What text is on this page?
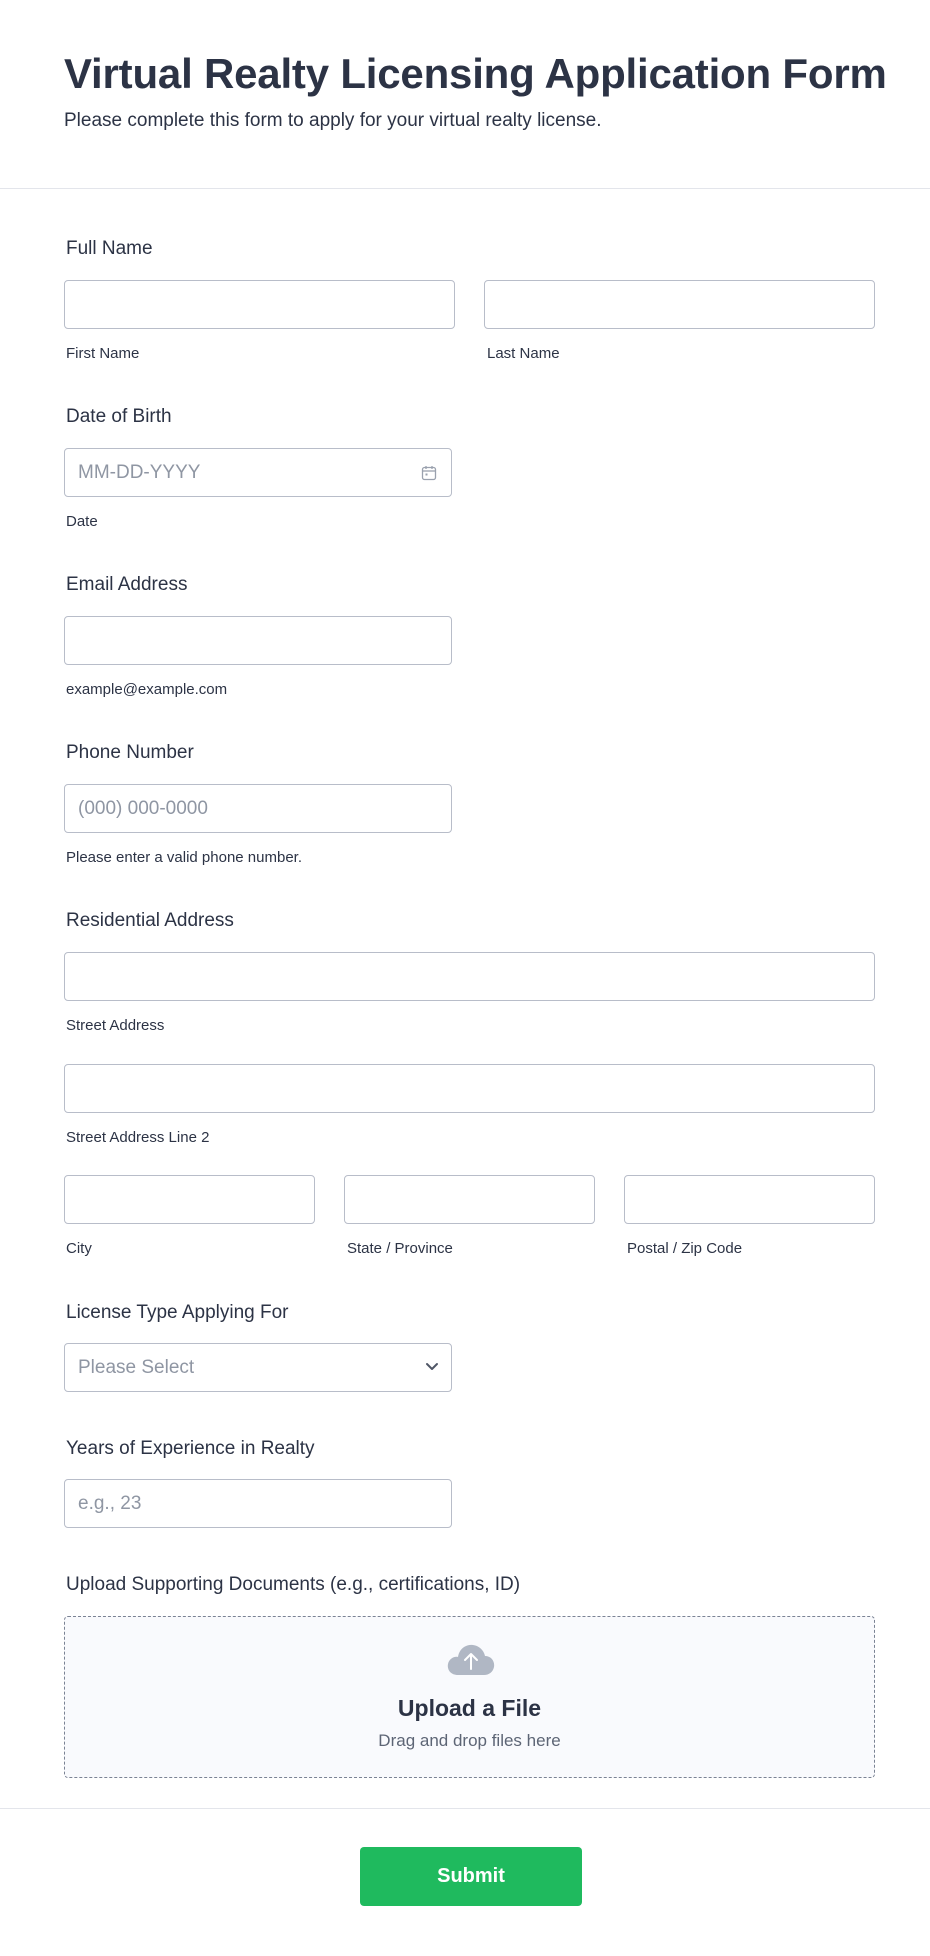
Virtual Realty Licensing Application Form

Please complete this form to apply for your virtual realty license.

Full Name
First Name	Last Name
Date of Birth
MM-DD-YYYY
Date
Email Address
example@example.com
Phone Number
(000) 000-0000
Please enter a valid phone number.
Residential Address
Street Address
Street Address Line 2
City	State / Province	Postal / Zip Code
License Type Applying For
Please Select
Years of Experience in Realty
e.g., 23
Upload Supporting Documents (e.g., certifications, ID)
Upload a File
Drag and drop files here
Submit
